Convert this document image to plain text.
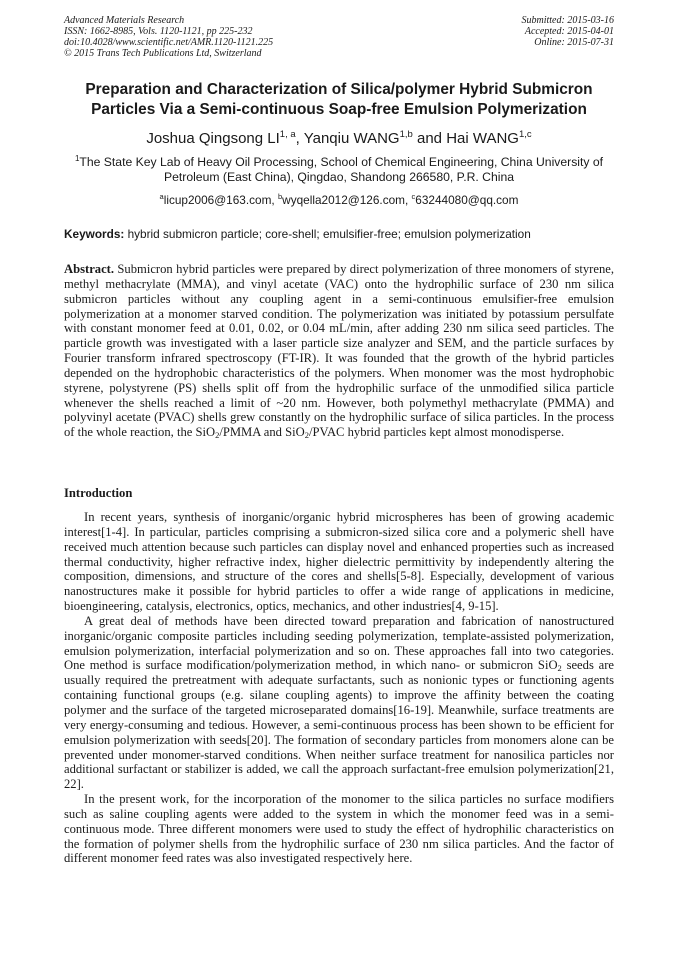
Advanced Materials Research
ISSN: 1662-8985, Vols. 1120-1121, pp 225-232
doi:10.4028/www.scientific.net/AMR.1120-1121.225
© 2015 Trans Tech Publications Ltd, Switzerland
Submitted: 2015-03-16
Accepted: 2015-04-01
Online: 2015-07-31
Preparation and Characterization of Silica/polymer Hybrid Submicron
Particles Via a Semi-continuous Soap-free Emulsion Polymerization
Joshua Qingsong LI$^{1, a}$, Yanqiu WANG$^{1,b}$ and Hai WANG$^{1,c}$
$^1$The State Key Lab of Heavy Oil Processing, School of Chemical Engineering, China University of Petroleum (East China), Qingdao, Shandong 266580, P.R. China
$^a$licup2006@163.com, $^b$wyqella2012@126.com, $^c$63244080@qq.com
Keywords: hybrid submicron particle; core-shell; emulsifier-free; emulsion polymerization

Abstract. Submicron hybrid particles were prepared by direct polymerization of three monomers of styrene, methyl methacrylate (MMA), and vinyl acetate (VAC) onto the hydrophilic surface of 230 nm silica submicron particles without any coupling agent in a semi-continuous emulsifier-free emulsion polymerization at a monomer starved condition. The polymerization was initiated by potassium persulfate with constant monomer feed at 0.01, 0.02, or 0.04 mL/min, after adding 230 nm silica seed particles. The particle growth was investigated with a laser particle size analyzer and SEM, and the particle surfaces by Fourier transform infrared spectroscopy (FT-IR). It was founded that the growth of the hybrid particles depended on the hydrophobic characteristics of the polymers. When monomer was the most hydrophobic styrene, polystyrene (PS) shells split off from the hydrophilic surface of the unmodified silica particle whenever the shells reached a limit of ~20 nm. However, both polymethyl methacrylate (PMMA) and polyvinyl acetate (PVAC) shells grew constantly on the hydrophilic surface of silica particles. In the process of the whole reaction, the SiO$_2$/PMMA and SiO$_2$/PVAC hybrid particles kept almost monodisperse.

Introduction

In recent years, synthesis of inorganic/organic hybrid microspheres has been of growing academic interest[1-4]. In particular, particles comprising a submicron-sized silica core and a polymeric shell have received much attention because such particles can display novel and enhanced properties such as increased thermal conductivity, higher refractive index, higher dielectric permittivity by independently altering the composition, dimensions, and structure of the cores and shells[5-8]. Especially, development of various nanostructures make it possible for hybrid particles to offer a wide range of applications in medicine, bioengineering, catalysis, electronics, optics, mechanics, and other industries[4, 9-15].

A great deal of methods have been directed toward preparation and fabrication of nanostructured inorganic/organic composite particles including seeding polymerization, template-assisted polymerization, emulsion polymerization, interfacial polymerization and so on. These approaches fall into two categories. One method is surface modification/polymerization method, in which nano- or submicron SiO$_2$ seeds are usually required the pretreatment with adequate surfactants, such as nonionic types or functioning agents containing functional groups (e.g. silane coupling agents) to improve the affinity between the coating polymer and the surface of the targeted microseparated domains[16-19]. Meanwhile, surface treatments are very energy-consuming and tedious. However, a semi-continuous process has been shown to be efficient for emulsion polymerization with seeds[20]. The formation of secondary particles from monomers alone can be prevented under monomer-starved conditions. When neither surface treatment for nanosilica particles nor additional surfactant or stabilizer is added, we call the approach surfactant-free emulsion polymerization[21, 22].

In the present work, for the incorporation of the monomer to the silica particles no surface modifiers such as saline coupling agents were added to the system in which the monomer feed was in a semi-continuous mode. Three different monomers were used to study the effect of hydrophilic characteristics on the formation of polymer shells from the hydrophilic surface of 230 nm silica particles. And the factor of different monomer feed rates was also investigated respectively here.
